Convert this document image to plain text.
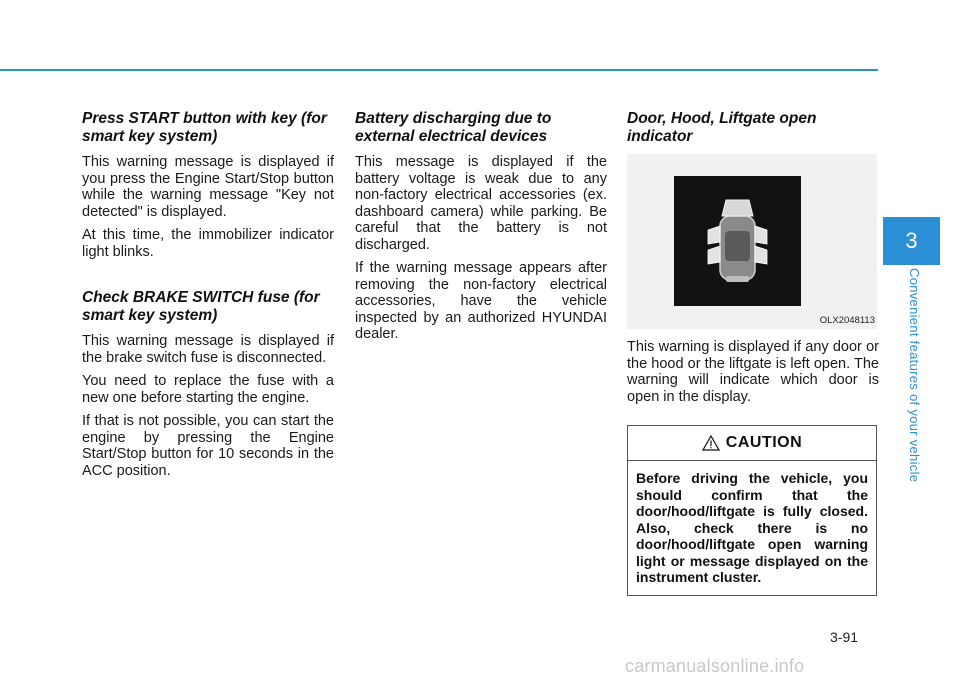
Press START button with key (for smart key system)

This warning message is displayed if you press the Engine Start/Stop button while the warning message "Key not detected" is displayed.

At this time, the immobilizer indicator light blinks.

Check BRAKE SWITCH fuse (for smart key system)

This warning message is displayed if the brake switch fuse is disconnected.

You need to replace the fuse with a new one before starting the engine.

If that is not possible, you can start the engine by pressing the Engine Start/Stop button for 10 seconds in the ACC position.

Battery discharging due to external electrical devices

This message is displayed if the battery voltage is weak due to any non-factory electrical accessories (ex. dashboard camera) while parking. Be careful that the battery is not discharged.

If the warning message appears after removing the non-factory electrical accessories, have the vehicle inspected by an authorized HYUNDAI dealer.

Door, Hood, Liftgate open indicator
OLX2048113

This warning is displayed if any door or the hood or the liftgate is left open. The warning will indicate which door is open in the display.

CAUTION
Before driving the vehicle, you should confirm that the door/hood/liftgate is fully closed. Also, check there is no door/hood/liftgate open warning light or message displayed on the instrument cluster.
3
Convenient features of your vehicle
3-91
carmanualsonline.info
